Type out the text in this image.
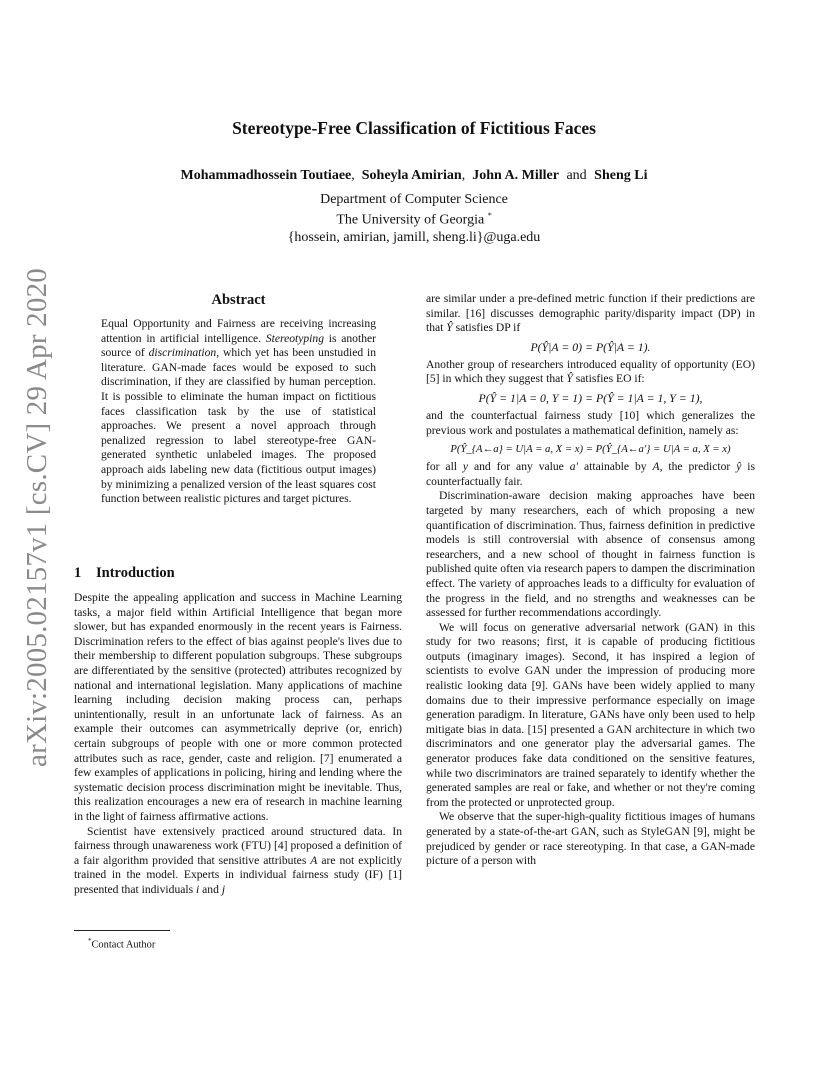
arXiv:2005.02157v1 [cs.CV] 29 Apr 2020
Stereotype-Free Classification of Fictitious Faces
Mohammadhossein Toutiaee, Soheyla Amirian, John A. Miller and Sheng Li
Department of Computer Science
The University of Georgia *
{hossein, amirian, jamill, sheng.li}@uga.edu
Abstract

Equal Opportunity and Fairness are receiving increasing attention in artificial intelligence. Stereotyping is another source of discrimination, which yet has been unstudied in literature. GAN-made faces would be exposed to such discrimination, if they are classified by human perception. It is possible to eliminate the human impact on fictitious faces classification task by the use of statistical approaches. We present a novel approach through penalized regression to label stereotype-free GAN-generated synthetic unlabeled images. The proposed approach aids labeling new data (fictitious output images) by minimizing a penalized version of the least squares cost function between realistic pictures and target pictures.

1 Introduction

Despite the appealing application and success in Machine Learning tasks, a major field within Artificial Intelligence that began more slower, but has expanded enormously in the recent years is Fairness. Discrimination refers to the effect of bias against people's lives due to their membership to different population subgroups. These subgroups are differentiated by the sensitive (protected) attributes recognized by national and international legislation. Many applications of machine learning including decision making process can, perhaps unintentionally, result in an unfortunate lack of fairness. As an example their outcomes can asymmetrically deprive (or, enrich) certain subgroups of people with one or more common protected attributes such as race, gender, caste and religion. [7] enumerated a few examples of applications in policing, hiring and lending where the systematic decision process discrimination might be inevitable. Thus, this realization encourages a new era of research in machine learning in the light of fairness affirmative actions.

Scientist have extensively practiced around structured data. In fairness through unawareness work (FTU) [4] proposed a definition of a fair algorithm provided that sensitive attributes A are not explicitly trained in the model. Experts in individual fairness study (IF) [1] presented that individuals i and j

are similar under a pre-defined metric function if their predictions are similar. [16] discusses demographic parity/disparity impact (DP) in that Ŷ satisfies DP if

P(Ŷ|A = 0) = P(Ŷ|A = 1).

Another group of researchers introduced equality of opportunity (EO) [5] in which they suggest that Ŷ satisfies EO if:

P(Ŷ = 1|A = 0, Y = 1) = P(Ŷ = 1|A = 1, Y = 1),

and the counterfactual fairness study [10] which generalizes the previous work and postulates a mathematical definition, namely as:

P(Ŷ_{A←a} = U|A = a, X = x) = P(Ŷ_{A←a′} = U|A = a, X = x)

for all y and for any value a′ attainable by A, the predictor ŷ is counterfactually fair.

Discrimination-aware decision making approaches have been targeted by many researchers, each of which proposing a new quantification of discrimination. Thus, fairness definition in predictive models is still controversial with absence of consensus among researchers, and a new school of thought in fairness function is published quite often via research papers to dampen the discrimination effect. The variety of approaches leads to a difficulty for evaluation of the progress in the field, and no strengths and weaknesses can be assessed for further recommendations accordingly.

We will focus on generative adversarial network (GAN) in this study for two reasons; first, it is capable of producing fictitious outputs (imaginary images). Second, it has inspired a legion of scientists to evolve GAN under the impression of producing more realistic looking data [9]. GANs have been widely applied to many domains due to their impressive performance especially on image generation paradigm. In literature, GANs have only been used to help mitigate bias in data. [15] presented a GAN architecture in which two discriminators and one generator play the adversarial games. The generator produces fake data conditioned on the sensitive features, while two discriminators are trained separately to identify whether the generated samples are real or fake, and whether or not they're coming from the protected or unprotected group.

We observe that the super-high-quality fictitious images of humans generated by a state-of-the-art GAN, such as StyleGAN [9], might be prejudiced by gender or race stereotyping. In that case, a GAN-made picture of a person with

*Contact Author
